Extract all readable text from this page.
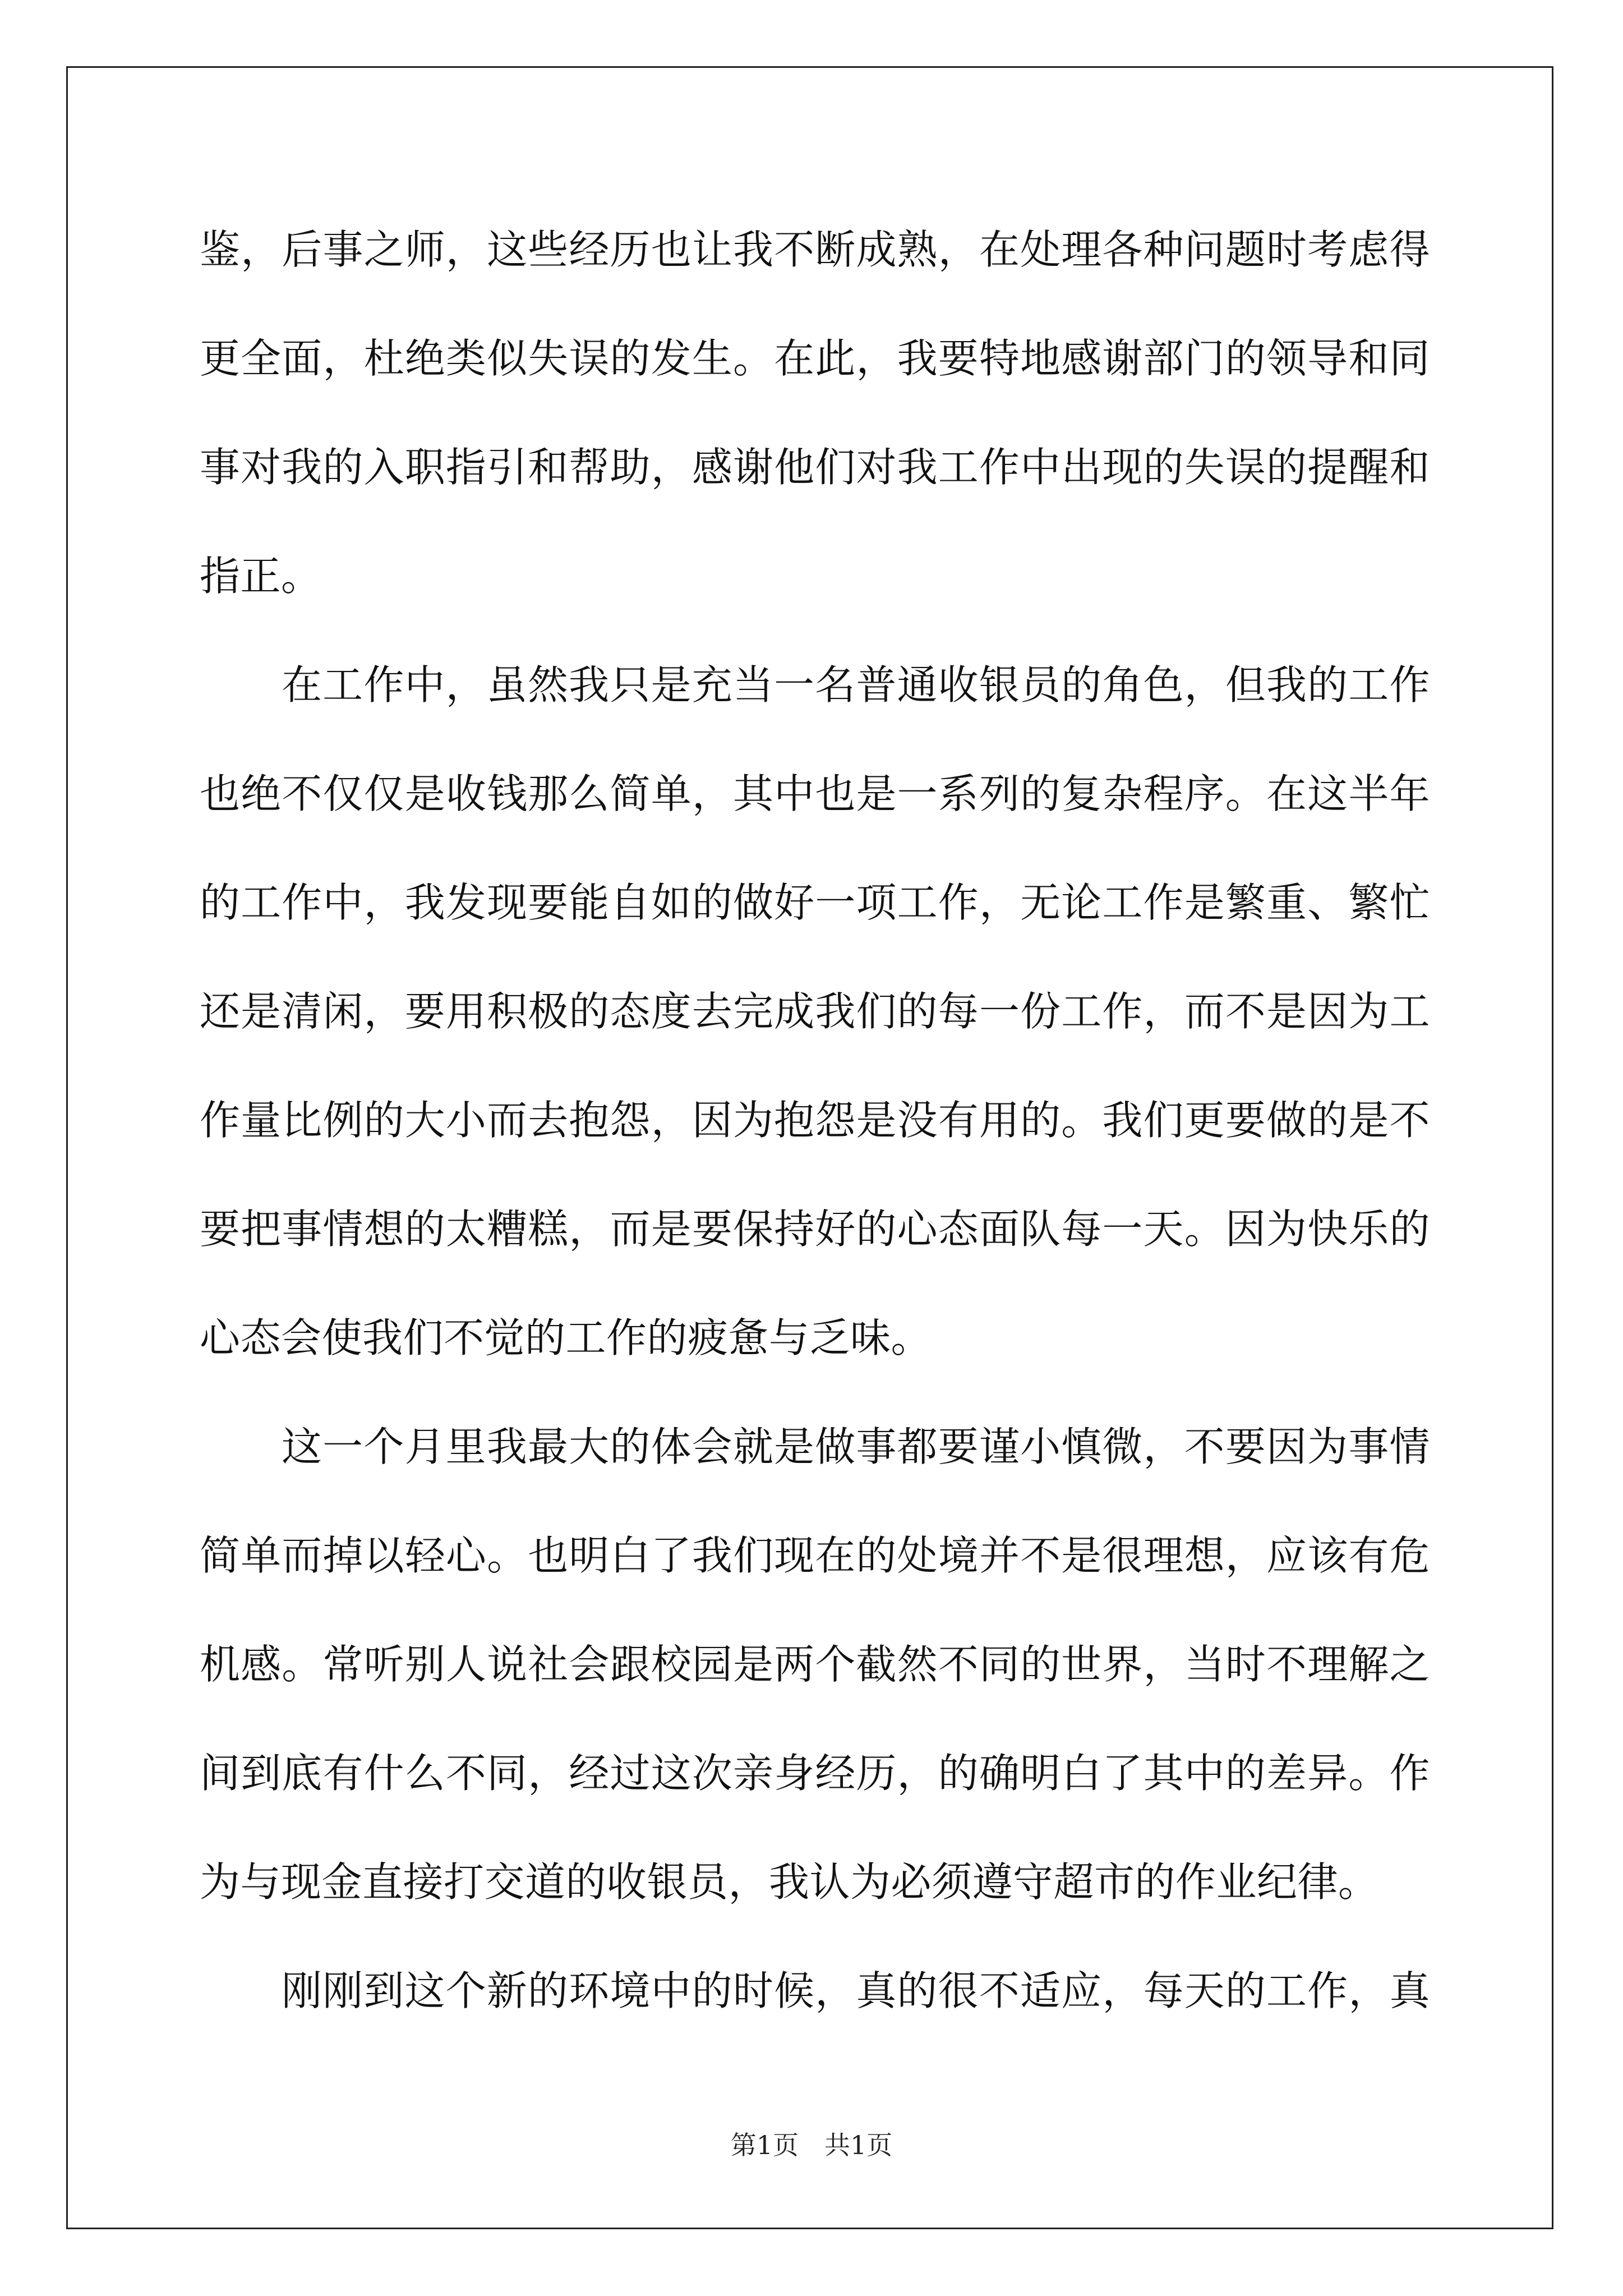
鉴，后事之师，这些经历也让我不断成熟，在处理各种问题时考虑得
更全面，杜绝类似失误的发生。在此，我要特地感谢部门的领导和同
事对我的入职指引和帮助，感谢他们对我工作中出现的失误的提醒和
指正。
在工作中，虽然我只是充当一名普通收银员的角色，但我的工作
也绝不仅仅是收钱那么简单，其中也是一系列的复杂程序。在这半年
的工作中，我发现要能自如的做好一项工作，无论工作是繁重、繁忙
还是清闲，要用积极的态度去完成我们的每一份工作，而不是因为工
作量比例的大小而去抱怨，因为抱怨是没有用的。我们更要做的是不
要把事情想的太糟糕，而是要保持好的心态面队每一天。因为快乐的
心态会使我们不觉的工作的疲惫与乏味。
这一个月里我最大的体会就是做事都要谨小慎微，不要因为事情
简单而掉以轻心。也明白了我们现在的处境并不是很理想，应该有危
机感。常听别人说社会跟校园是两个截然不同的世界，当时不理解之
间到底有什么不同，经过这次亲身经历，的确明白了其中的差异。作
为与现金直接打交道的收银员，我认为必须遵守超市的作业纪律。
刚刚到这个新的环境中的时候，真的很不适应，每天的工作，真
第1页　共1页
